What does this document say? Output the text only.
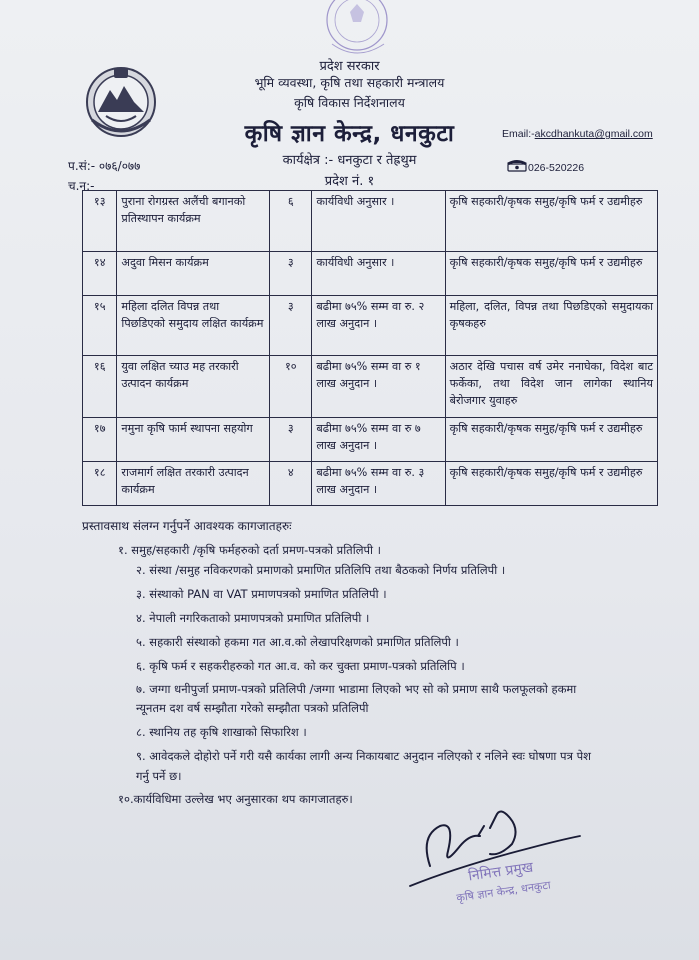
प्रदेश सरकार
भूमि व्यवस्था, कृषि तथा सहकारी मन्त्रालय
कृषि विकास निर्देशनालय
कृषि ज्ञान केन्द्र, धनकुटा
कार्यक्षेत्र :- धनकुटा र तेह्रथुम
प्रदेश नं. १
Email:-akcdhankuta@gmail.com
026-520226
प.सं:- ०७६/०७७
च.न:-
१३	पुराना रोगग्रस्त अलैंची बगानको प्रतिस्थापन कार्यक्रम	६	कार्यविधी अनुसार ।	कृषि सहकारी/कृषक समुह/कृषि फर्म र उद्यमीहरु
१४	अदुवा मिसन कार्यक्रम	३	कार्यविधी अनुसार ।	कृषि सहकारी/कृषक समुह/कृषि फर्म र उद्यमीहरु
१५	महिला दलित विपन्न तथा पिछडिएको समुदाय लक्षित कार्यक्रम	३	बढीमा ७५% सम्म वा रु. २ लाख अनुदान ।	महिला, दलित, विपन्न तथा पिछडिएको समुदायका कृषकहरु
१६	युवा लक्षित च्याउ मह तरकारी उत्पादन कार्यक्रम	१०	बढीमा ७५% सम्म वा रु १ लाख अनुदान ।	अठार देखि पचास वर्ष उमेर ननाघेका, विदेश बाट फर्केका, तथा विदेश जान लागेका स्थानिय बेरोजगार युवाहरु
१७	नमुना कृषि फार्म स्थापना सहयोग	३	बढीमा ७५% सम्म वा रु ७ लाख अनुदान ।	कृषि सहकारी/कृषक समुह/कृषि फर्म र उद्यमीहरु
१८	राजमार्ग लक्षित तरकारी उत्पादन कार्यक्रम	४	बढीमा ७५% सम्म वा रु. ३ लाख अनुदान ।	कृषि सहकारी/कृषक समुह/कृषि फर्म र उद्यमीहरु
प्रस्तावसाथ संलग्न गर्नुपर्ने आवश्यक कागजातहरुः
१. समुह/सहकारी /कृषि फर्महरुको दर्ता प्रमण-पत्रको प्रतिलिपी ।
२. संस्था /समुह नविकरणको प्रमाणको प्रमाणित प्रतिलिपि तथा बैठकको निर्णय प्रतिलिपी ।
३. संस्थाको PAN वा VAT प्रमाणपत्रको प्रमाणित प्रतिलिपी ।
४. नेपाली नगरिकताको प्रमाणपत्रको प्रमाणित प्रतिलिपी ।
५. सहकारी संस्थाको हकमा गत आ.व.को लेखापरिक्षणको प्रमाणित प्रतिलिपी ।
६. कृषि फर्म र सहकरीहरुको गत आ.व. को कर चुक्ता प्रमाण-पत्रको प्रतिलिपि ।
७. जग्गा धनीपुर्जा प्रमाण-पत्रको प्रतिलिपी /जग्गा भाडामा लिएको भए सो को प्रमाण साथै फलफूलको हकमा
न्यूनतम दश वर्ष सम्झौता गरेको सम्झौता पत्रको प्रतिलिपी
८. स्थानिय तह कृषि शाखाको सिफारिश ।
९. आवेदकले दोहोरो पर्ने गरी यसै कार्यका लागी अन्य निकायबाट अनुदान नलिएको र नलिने स्वः घोषणा पत्र पेश
गर्नु पर्ने छ।
१०.कार्यविधिमा उल्लेख भए अनुसारका थप कागजातहरु।
निमित्त प्रमुख
कृषि ज्ञान केन्द्र, धनकुटा
